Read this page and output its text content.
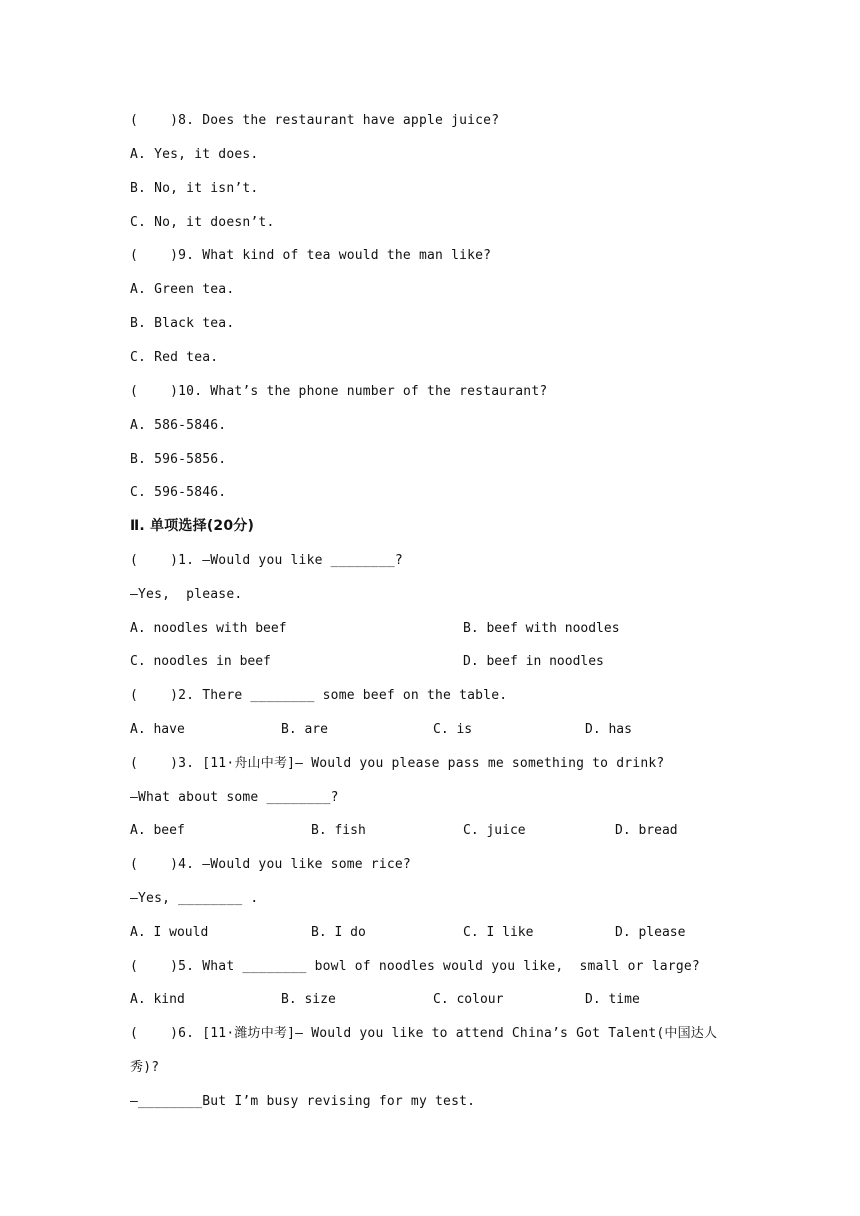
(    )8. Does the restaurant have apple juice?
A. Yes, it does.
B. No, it isn’t.
C. No, it doesn’t.
(    )9. What kind of tea would the man like?
A. Green tea.
B. Black tea.
C. Red tea.
(    )10. What’s the phone number of the restaurant?
A. 586-5846.
B. 596-5856.
C. 596-5846.
Ⅱ. 单项选择(20分)
(    )1. —Would you like ________?
—Yes,  please.
A. noodles with beef	B. beef with noodles
C. noodles in beef	D. beef in noodles
(    )2. There ________ some beef on the table.
A. have	B. are	C. is	D. has
(    )3. [11·舟山中考]— Would you please pass me something to drink?
—What about some ________?
A. beef	B. fish	C. juice	D. bread
(    )4. —Would you like some rice?
—Yes, ________ .
A. I would	B. I do	C. I like	D. please
(    )5. What ________ bowl of noodles would you like,  small or large?
A. kind	B. size	C. colour	D. time
(    )6. [11·潍坊中考]— Would you like to attend China’s Got Talent(中国达人
秀)?
—________But I’m busy revising for my test.
